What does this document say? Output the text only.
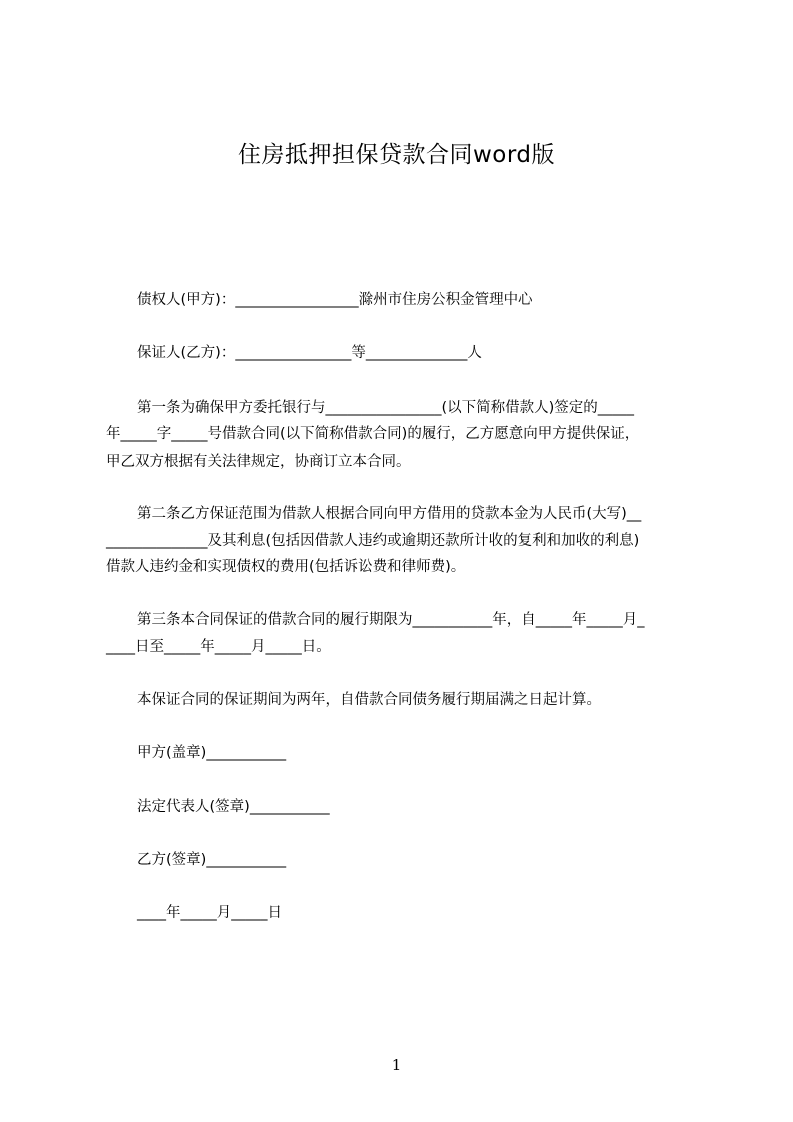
住房抵押担保贷款合同word版
债权人(甲方)：_________________滁州市住房公积金管理中心
保证人(乙方)：________________等______________人
第一条为确保甲方委托银行与________________(以下简称借款人)签定的_____
年_____字_____号借款合同(以下简称借款合同)的履行，乙方愿意向甲方提供保证，
甲乙双方根据有关法律规定，协商订立本合同。
第二条乙方保证范围为借款人根据合同向甲方借用的贷款本金为人民币(大写)__
______________及其利息(包括因借款人违约或逾期还款所计收的复利和加收的利息)
借款人违约金和实现债权的费用(包括诉讼费和律师费)。
第三条本合同保证的借款合同的履行期限为___________年，自_____年_____月_
____日至_____年_____月_____日。
本保证合同的保证期间为两年，自借款合同债务履行期届满之日起计算。
甲方(盖章)___________
法定代表人(签章)___________
乙方(签章)___________
____年_____月_____日
1
